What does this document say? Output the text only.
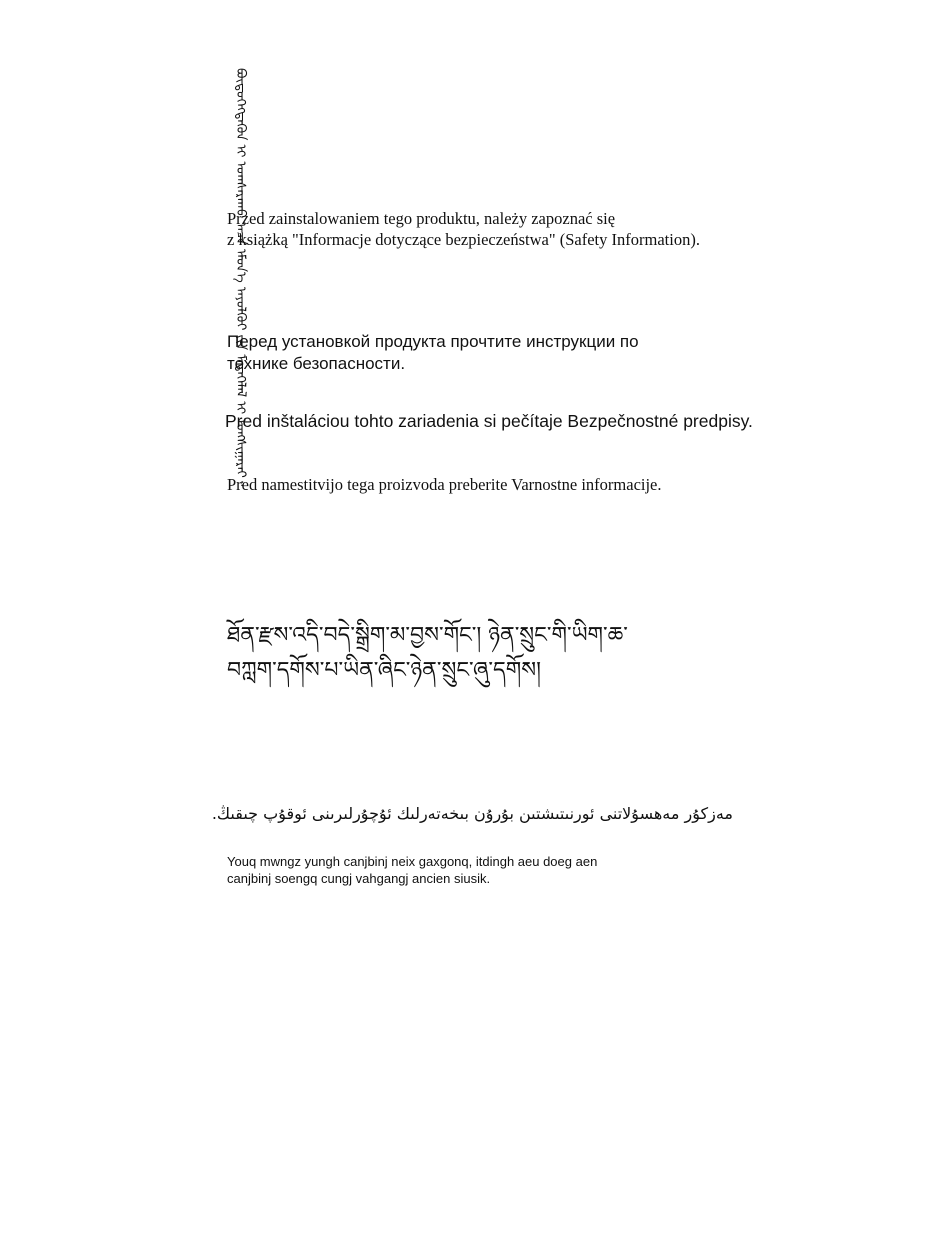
ᠪᠦᠲᠦᠭᠡᠭᠳᠡᠬᠦᠨ ᠢ ᠤᠭᠰᠠᠷᠠᠬᠤ ᠠᠴᠠ ᠡᠮᠦᠨ᠎ᠡ ᠠᠶᠤᠯᠭᠦᠢ ᠶᠢᠨ ᠮᠡᠳᠡᠭᠡᠯᠡᠯ ᠢ ᠤᠩᠰᠢᠭᠠᠷᠠᠢ᠃

Przed zainstalowaniem tego produktu, należy zapoznać się
z książką "Informacje dotyczące bezpieczeństwa" (Safety Information).

Перед установкой продукта прочтите инструкции по
технике безопасности.

Pred inštaláciou tohto zariadenia si pečítaje Bezpečnostné predpisy.

Pred namestitvijo tega proizvoda preberite Varnostne informacije.

ཐོན་རྫས་འདི་བདེ་སྒྲིག་མ་བྱས་གོང་། ཉེན་སྲུང་གི་ཡིག་ཆ་
བཀླག་དགོས་པ་ཡིན་ཞིང་ཉེན་སྲུང་ཞུ་དགོས།

مەزكۇر مەھسۇلاتنى ئورنىتىشتىن بۇرۇن بىخەتەرلىك ئۇچۇرلىرىنى ئوقۇپ چىقىڭ.

Youq mwngz yungh canjbinj neix gaxgonq, itdingh aeu doeg aen
canjbinj soengq cungj vahgangj ancien siusik.
